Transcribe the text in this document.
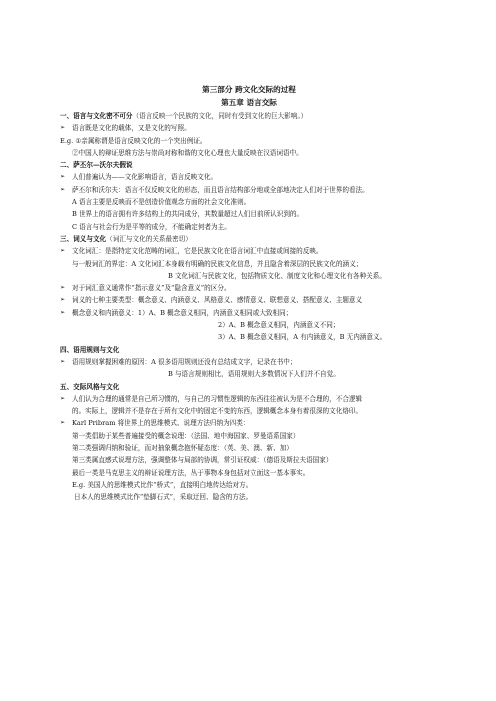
第三部分 跨文化交际的过程
第五章 语言交际
一、语言与文化密不可分（语言反映一个民族的文化，同时有受到文化的巨大影响。）
➢ 语言既是文化的载体，又是文化的写照。
E.g. ①亲属称谓是语言反映文化的一个突出例证。
②中国人的辩证思维方法与崇尚对称和谐的文化心理也大量反映在汉语词语中。
二、萨丕尔—沃尔夫假说
➢ 人们普遍认为——文化影响语言，语言反映文化。
➢ 萨丕尔和沃尔夫：语言不仅反映文化的形态，而且语言结构部分地或全部地决定人们对于世界的看法。
A 语言主要是反映而不是创造价值观念方面的社会文化准则。
B 世界上的语言拥有许多结构上的共同成分，其数量超过人们目前所认识到的。
C 语言与社会行为是平等的成分，不能确定何者为主。
三、词义与文化（词汇与文化的关系最密切）
➢ 文化词汇：是指特定文化范畴的词汇，它是民族文化在语言词汇中直接或间接的反映。
与一般词汇的界定：A 文化词汇本身载有明确的民族文化信息，并且隐含着深层的民族文化的涵义；
B 文化词汇与民族文化，包括物质文化、制度文化和心理文化有各种关系。
➢ 对于词汇意义通常作“指示意义”及“隐含意义”的区分。
➢ 词义的七种主要类型：概念意义、内涵意义、风格意义、感情意义、联想意义、搭配意义、主题意义
➢ 概念意义和内涵意义：1）A、B 概念意义相同，内涵意义相同或大致相同；
2）A、B 概念意义相同，内涵意义不同；
3）A、B 概念意义相同，A 有内涵意义，B 无内涵意义。
四、语用规则与文化
➢ 语用规则掌握困难的原因：A 很多语用规则还没有总结成文字，记录在书中；
B 与语言规则相比，语用规则大多数情况下人们并不自觉。
五、交际风格与文化
➢ 人们认为合理的通常是自己所习惯的，与自己的习惯性逻辑的东西往往被认为是不合理的，不合逻辑
的。实际上，逻辑并不是存在于所有文化中的固定不变的东西，逻辑概念本身有着很深的文化烙印。
➢ Karl Pribram 将世界上的思维模式、说理方法归纳为四类：
第一类倡助于某些普遍接受的概念说理：（法国、地中海国家、罗曼语系国家）
第二类强调归纳和验证，而对抽象概念抱怀疑态度：（英、美、澳、新、加）
第三类属直感式说理方法，强调整体与局部的协调，常引证权威：（德语及斯拉夫语国家）
最后一类是马克思主义的辩证说理方法，丛于事物本身包括对立面这一基本事实。
E.g. 美国人的思维模式比作“桥式”，直接明白地传达给对方。
日本人的思维模式比作“垫脚石式”，采取迂回、隐含的方法。
